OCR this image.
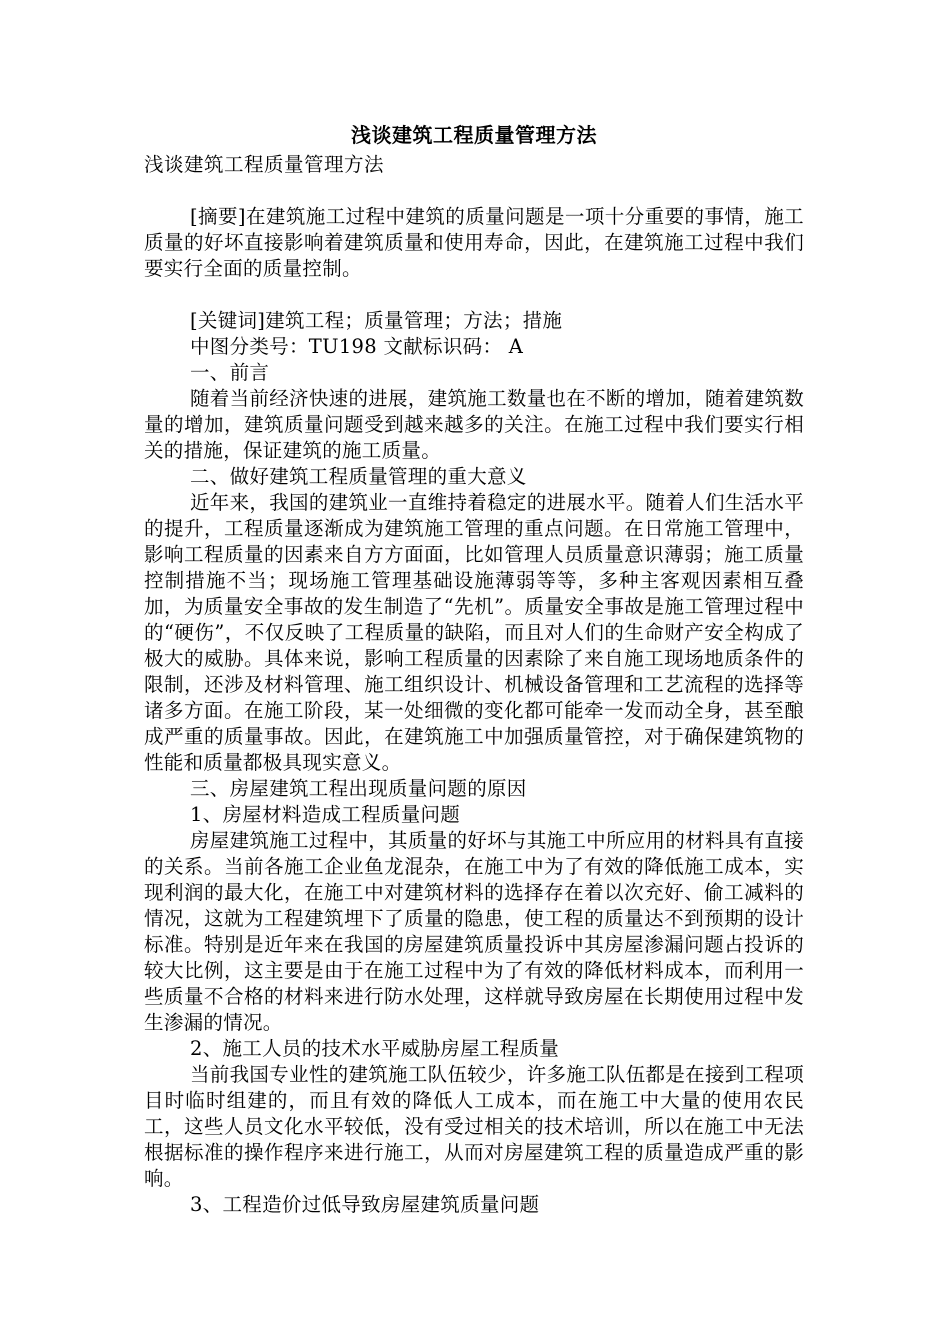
浅谈建筑工程质量管理方法
浅谈建筑工程质量管理方法

[摘要]在建筑施工过程中建筑的质量问题是一项十分重要的事情，施工质量的好坏直接影响着建筑质量和使用寿命，因此，在建筑施工过程中我们要实行全面的质量控制。

[关键词]建筑工程；质量管理；方法；措施

中图分类号：TU198 文献标识码： A

一、前言

随着当前经济快速的进展，建筑施工数量也在不断的增加，随着建筑数量的增加，建筑质量问题受到越来越多的关注。在施工过程中我们要实行相关的措施，保证建筑的施工质量。

二、做好建筑工程质量管理的重大意义

近年来，我国的建筑业一直维持着稳定的进展水平。随着人们生活水平的提升，工程质量逐渐成为建筑施工管理的重点问题。在日常施工管理中，影响工程质量的因素来自方方面面，比如管理人员质量意识薄弱；施工质量控制措施不当；现场施工管理基础设施薄弱等等，多种主客观因素相互叠加，为质量安全事故的发生制造了“先机”。质量安全事故是施工管理过程中的“硬伤”，不仅反映了工程质量的缺陷，而且对人们的生命财产安全构成了极大的威胁。具体来说，影响工程质量的因素除了来自施工现场地质条件的限制，还涉及材料管理、施工组织设计、机械设备管理和工艺流程的选择等诸多方面。在施工阶段，某一处细微的变化都可能牵一发而动全身，甚至酿成严重的质量事故。因此，在建筑施工中加强质量管控，对于确保建筑物的性能和质量都极具现实意义。

三、房屋建筑工程出现质量问题的原因

1、房屋材料造成工程质量问题

房屋建筑施工过程中，其质量的好坏与其施工中所应用的材料具有直接的关系。当前各施工企业鱼龙混杂，在施工中为了有效的降低施工成本，实现利润的最大化，在施工中对建筑材料的选择存在着以次充好、偷工减料的情况，这就为工程建筑埋下了质量的隐患，使工程的质量达不到预期的设计标准。特别是近年来在我国的房屋建筑质量投诉中其房屋渗漏问题占投诉的较大比例，这主要是由于在施工过程中为了有效的降低材料成本，而利用一些质量不合格的材料来进行防水处理，这样就导致房屋在长期使用过程中发生渗漏的情况。

2、施工人员的技术水平威胁房屋工程质量

当前我国专业性的建筑施工队伍较少，许多施工队伍都是在接到工程项目时临时组建的，而且有效的降低人工成本，而在施工中大量的使用农民工，这些人员文化水平较低，没有受过相关的技术培训，所以在施工中无法根据标准的操作程序来进行施工，从而对房屋建筑工程的质量造成严重的影响。

3、工程造价过低导致房屋建筑质量问题
